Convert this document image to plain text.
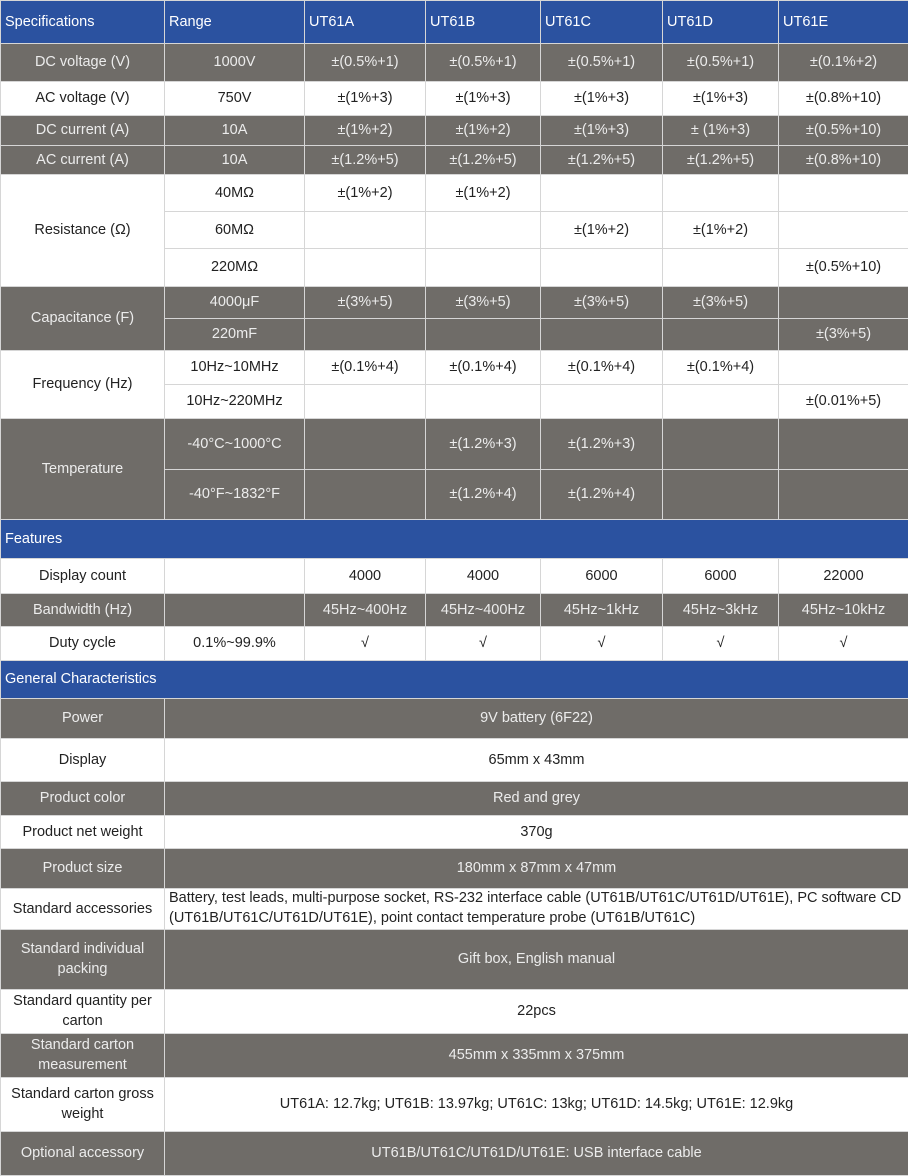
Specifications	Range	UT61A	UT61B	UT61C	UT61D	UT61E
DC voltage (V)	1000V	±(0.5%+1)	±(0.5%+1)	±(0.5%+1)	±(0.5%+1)	±(0.1%+2)
AC voltage (V)	750V	±(1%+3)	±(1%+3)	±(1%+3)	±(1%+3)	±(0.8%+10)
DC current (A)	10A	±(1%+2)	±(1%+2)	±(1%+3)	± (1%+3)	±(0.5%+10)
AC current (A)	10A	±(1.2%+5)	±(1.2%+5)	±(1.2%+5)	±(1.2%+5)	±(0.8%+10)
Resistance (Ω)	40MΩ	±(1%+2)	±(1%+2)			
	60MΩ			±(1%+2)	±(1%+2)	
	220MΩ					±(0.5%+10)
Capacitance (F)	4000μF	±(3%+5)	±(3%+5)	±(3%+5)	±(3%+5)	
	220mF					±(3%+5)
Frequency (Hz)	10Hz~10MHz	±(0.1%+4)	±(0.1%+4)	±(0.1%+4)	±(0.1%+4)	
	10Hz~220MHz					±(0.01%+5)
Temperature	-40°C~1000°C		±(1.2%+3)	±(1.2%+3)		
	-40°F~1832°F		±(1.2%+4)	±(1.2%+4)		
Features						
Display count		4000	4000	6000	6000	22000
Bandwidth (Hz)		45Hz~400Hz	45Hz~400Hz	45Hz~1kHz	45Hz~3kHz	45Hz~10kHz
Duty cycle	0.1%~99.9%	√	√	√	√	√
General Characteristics						
Power	9V battery (6F22)					
Display	65mm x 43mm					
Product color	Red and grey					
Product net weight	370g					
Product size	180mm x 87mm x 47mm					
Standard accessories	Battery, test leads, multi-purpose socket, RS-232 interface cable (UT61B/UT61C/UT61D/UT61E), PC software CD (UT61B/UT61C/UT61D/UT61E), point contact temperature probe (UT61B/UT61C)					
Standard individual packing	Gift box, English manual					
Standard quantity per carton	22pcs					
Standard carton measurement	455mm x 335mm x 375mm					
Standard carton gross weight	UT61A: 12.7kg; UT61B: 13.97kg; UT61C: 13kg; UT61D: 14.5kg; UT61E: 12.9kg					
Optional accessory	UT61B/UT61C/UT61D/UT61E: USB interface cable					
